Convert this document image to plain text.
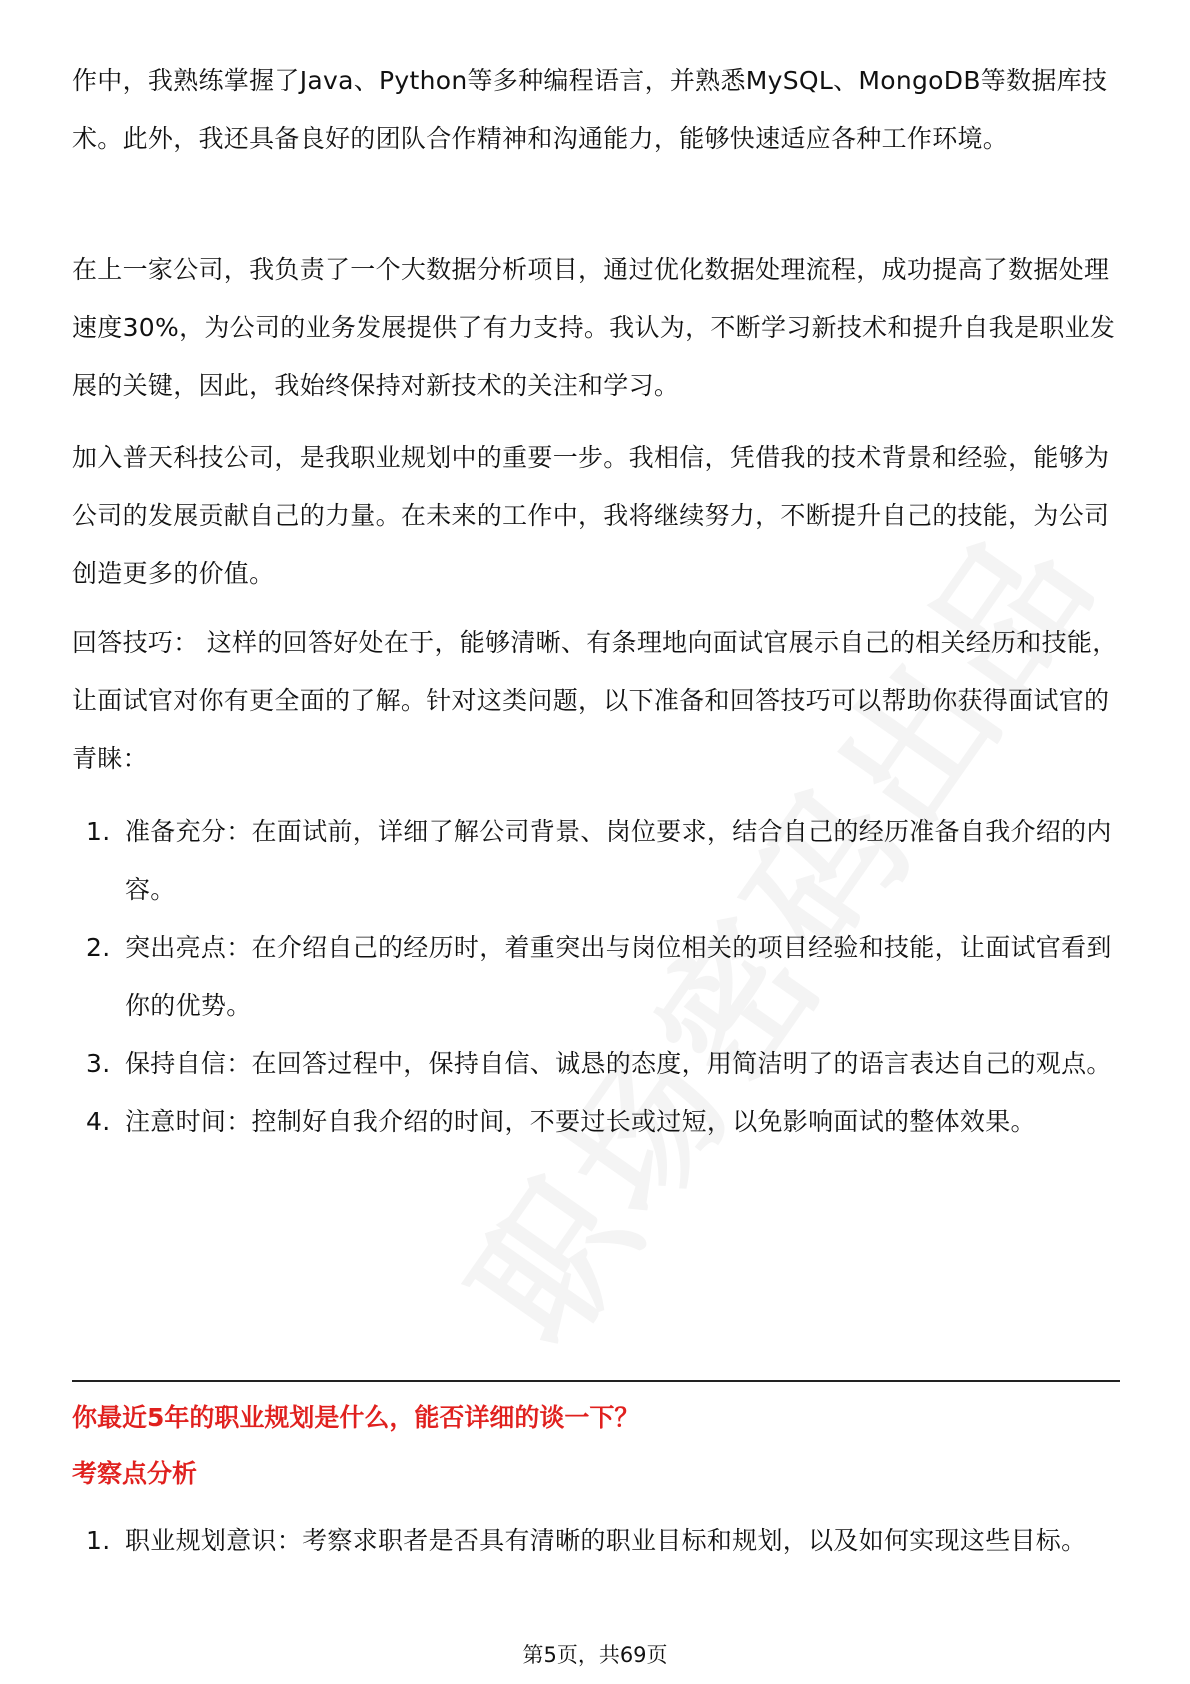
作中，我熟练掌握了Java、Python等多种编程语言，并熟悉MySQL、MongoDB等数据库技术。此外，我还具备良好的团队合作精神和沟通能力，能够快速适应各种工作环境。

在上一家公司，我负责了一个大数据分析项目，通过优化数据处理流程，成功提高了数据处理速度30%，为公司的业务发展提供了有力支持。我认为，不断学习新技术和提升自我是职业发展的关键，因此，我始终保持对新技术的关注和学习。

加入普天科技公司，是我职业规划中的重要一步。我相信，凭借我的技术背景和经验，能够为公司的发展贡献自己的力量。在未来的工作中，我将继续努力，不断提升自己的技能，为公司创造更多的价值。

回答技巧： 这样的回答好处在于，能够清晰、有条理地向面试官展示自己的相关经历和技能，让面试官对你有更全面的了解。针对这类问题，以下准备和回答技巧可以帮助你获得面试官的青睐：

1. 准备充分：在面试前，详细了解公司背景、岗位要求，结合自己的经历准备自我介绍的内容。
2. 突出亮点：在介绍自己的经历时，着重突出与岗位相关的项目经验和技能，让面试官看到你的优势。
3. 保持自信：在回答过程中，保持自信、诚恳的态度，用简洁明了的语言表达自己的观点。
4. 注意时间：控制好自我介绍的时间，不要过长或过短，以免影响面试的整体效果。
你最近5年的职业规划是什么，能否详细的谈一下？
考察点分析
1. 职业规划意识：考察求职者是否具有清晰的职业目标和规划，以及如何实现这些目标。
第5页，共69页
